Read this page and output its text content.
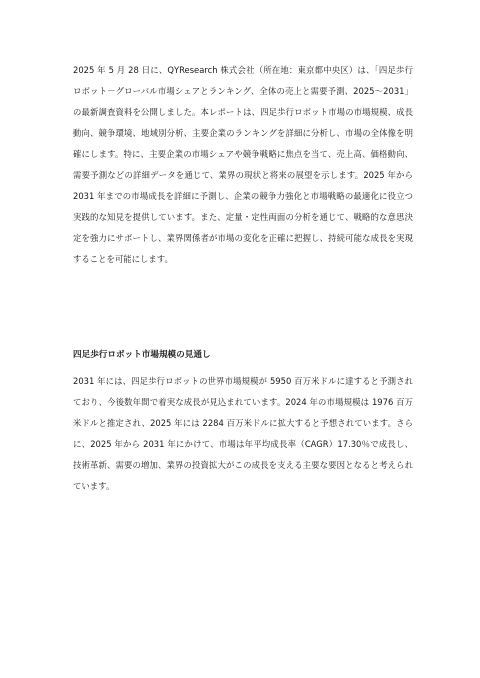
2025 年 5 月 28 日に、QYResearch 株式会社（所在地：東京都中央区）は、「四足歩行ロボット－グローバル市場シェアとランキング、全体の売上と需要予測、2025～2031」の最新調査資料を公開しました。本レポートは、四足歩行ロボット市場の市場規模、成長動向、競争環境、地域別分析、主要企業のランキングを詳細に分析し、市場の全体像を明確にします。特に、主要企業の市場シェアや競争戦略に焦点を当て、売上高、価格動向、需要予測などの詳細データを通じて、業界の現状と将来の展望を示します。2025 年から 2031 年までの市場成長を詳細に予測し、企業の競争力強化と市場戦略の最適化に役立つ実践的な知見を提供しています。また、定量・定性両面の分析を通じて、戦略的な意思決定を強力にサポートし、業界関係者が市場の変化を正確に把握し、持続可能な成長を実現することを可能にします。

四足歩行ロボット市場規模の見通し

2031 年には、四足歩行ロボットの世界市場規模が 5950 百万米ドルに達すると予測されており、今後数年間で着実な成長が見込まれています。2024 年の市場規模は 1976 百万米ドルと推定され、2025 年には 2284 百万米ドルに拡大すると予想されています。さらに、2025 年から 2031 年にかけて、市場は年平均成長率（CAGR）17.30％で成長し、技術革新、需要の増加、業界の投資拡大がこの成長を支える主要な要因となると考えられています。
